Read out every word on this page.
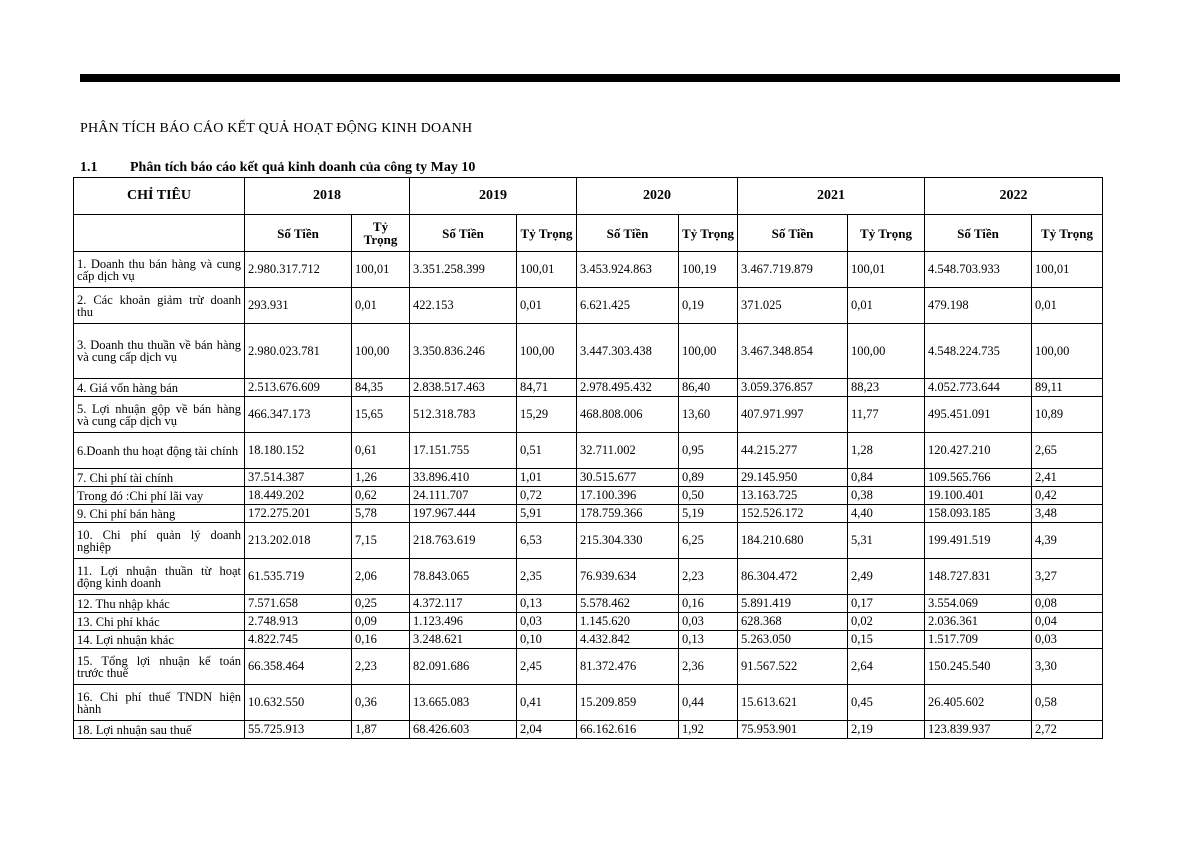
PHÂN TÍCH BÁO CÁO KẾT QUẢ HOẠT ĐỘNG KINH DOANH
1.1 Phân tích báo cáo kết quả kinh doanh của công ty May 10
CHỈ TIÊU	2018		2019		2020		2021		2022	
	Số Tiền	Tỷ Trọng	Số Tiền	Tỷ Trọng	Số Tiền	Tỷ Trọng	Số Tiền	Tỷ Trọng	Số Tiền	Tỷ Trọng
1. Doanh thu bán hàng và cung cấp dịch vụ	2.980.317.712	100,01	3.351.258.399	100,01	3.453.924.863	100,19	3.467.719.879	100,01	4.548.703.933	100,01
2. Các khoản giảm trừ doanh thu	293.931	0,01	422.153	0,01	6.621.425	0,19	371.025	0,01	479.198	0,01
3. Doanh thu thuần về bán hàng và cung cấp dịch vụ	2.980.023.781	100,00	3.350.836.246	100,00	3.447.303.438	100,00	3.467.348.854	100,00	4.548.224.735	100,00
4. Giá vốn hàng bán	2.513.676.609	84,35	2.838.517.463	84,71	2.978.495.432	86,40	3.059.376.857	88,23	4.052.773.644	89,11
5. Lợi nhuận gộp về bán hàng và cung cấp dịch vụ	466.347.173	15,65	512.318.783	15,29	468.808.006	13,60	407.971.997	11,77	495.451.091	10,89
6.Doanh thu hoạt động tài chính	18.180.152	0,61	17.151.755	0,51	32.711.002	0,95	44.215.277	1,28	120.427.210	2,65
7. Chi phí tài chính	37.514.387	1,26	33.896.410	1,01	30.515.677	0,89	29.145.950	0,84	109.565.766	2,41
Trong đó :Chi phí lãi vay	18.449.202	0,62	24.111.707	0,72	17.100.396	0,50	13.163.725	0,38	19.100.401	0,42
9. Chi phí bán hàng	172.275.201	5,78	197.967.444	5,91	178.759.366	5,19	152.526.172	4,40	158.093.185	3,48
10. Chi phí quản lý doanh nghiệp	213.202.018	7,15	218.763.619	6,53	215.304.330	6,25	184.210.680	5,31	199.491.519	4,39
11. Lợi nhuận thuần từ hoạt động kinh doanh	61.535.719	2,06	78.843.065	2,35	76.939.634	2,23	86.304.472	2,49	148.727.831	3,27
12. Thu nhập khác	7.571.658	0,25	4.372.117	0,13	5.578.462	0,16	5.891.419	0,17	3.554.069	0,08
13. Chi phí khác	2.748.913	0,09	1.123.496	0,03	1.145.620	0,03	628.368	0,02	2.036.361	0,04
14. Lợi nhuận khác	4.822.745	0,16	3.248.621	0,10	4.432.842	0,13	5.263.050	0,15	1.517.709	0,03
15. Tổng lợi nhuận kế toán trước thuế	66.358.464	2,23	82.091.686	2,45	81.372.476	2,36	91.567.522	2,64	150.245.540	3,30
16. Chi phí thuế TNDN hiện hành	10.632.550	0,36	13.665.083	0,41	15.209.859	0,44	15.613.621	0,45	26.405.602	0,58
18. Lợi nhuận sau thuế	55.725.913	1,87	68.426.603	2,04	66.162.616	1,92	75.953.901	2,19	123.839.937	2,72
